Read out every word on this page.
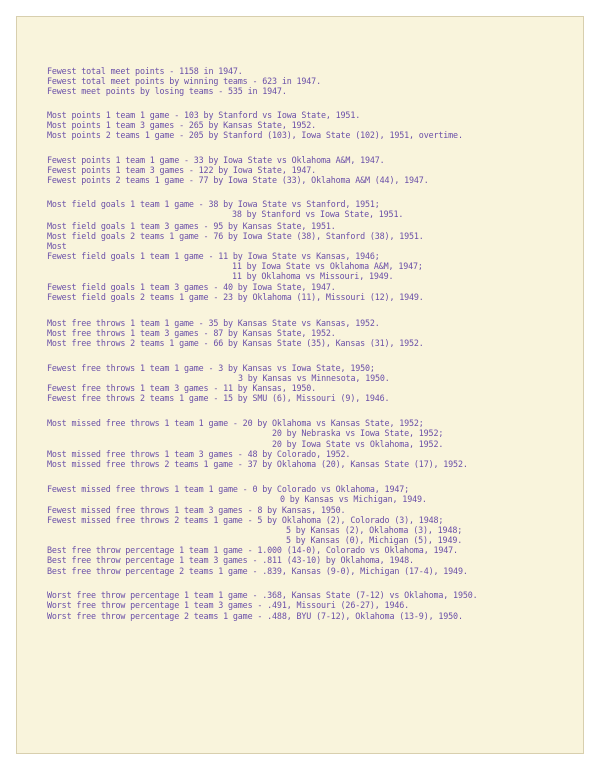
Fewest total meet points - 1158 in 1947.
Fewest total meet points by winning teams - 623 in 1947.
Fewest meet points by losing teams - 535 in 1947.
Most points 1 team 1 game - 103 by Stanford vs Iowa State, 1951.
Most points 1 team 3 games - 265 by Kansas State, 1952.
Most points 2 teams 1 game - 205 by Stanford (103), Iowa State (102), 1951, overtime.
Fewest points 1 team 1 game - 33 by Iowa State vs Oklahoma A&M, 1947.
Fewest points 1 team 3 games - 122 by Iowa State, 1947.
Fewest points 2 teams 1 game - 77 by Iowa State (33), Oklahoma A&M (44), 1947.
Most field goals 1 team 1 game - 38 by Iowa State vs Stanford, 1951;
38 by Stanford vs Iowa State, 1951.
Most field goals 1 team 3 games - 95 by Kansas State, 1951.
Most field goals 2 teams 1 game - 76 by Iowa State (38), Stanford (38), 1951.
Most
Fewest field goals 1 team 1 game - 11 by Iowa State vs Kansas, 1946;
11 by Iowa State vs Oklahoma A&M, 1947;
11 by Oklahoma vs Missouri, 1949.
Fewest field goals 1 team 3 games - 40 by Iowa State, 1947.
Fewest field goals 2 teams 1 game - 23 by Oklahoma (11), Missouri (12), 1949.
Most free throws 1 team 1 game - 35 by Kansas State vs Kansas, 1952.
Most free throws 1 team 3 games - 87 by Kansas State, 1952.
Most free throws 2 teams 1 game - 66 by Kansas State (35), Kansas (31), 1952.
Fewest free throws 1 team 1 game - 3 by Kansas vs Iowa State, 1950;
3 by Kansas vs Minnesota, 1950.
Fewest free throws 1 team 3 games - 11 by Kansas, 1950.
Fewest free throws 2 teams 1 game - 15 by SMU (6), Missouri (9), 1946.
Most missed free throws 1 team 1 game - 20 by Oklahoma vs Kansas State, 1952;
20 by Nebraska vs Iowa State, 1952;
20 by Iowa State vs Oklahoma, 1952.
Most missed free throws 1 team 3 games - 48 by Colorado, 1952.
Most missed free throws 2 teams 1 game - 37 by Oklahoma (20), Kansas State (17), 1952.
Fewest missed free throws 1 team 1 game - 0 by Colorado vs Oklahoma, 1947;
0 by Kansas vs Michigan, 1949.
Fewest missed free throws 1 team 3 games - 8 by Kansas, 1950.
Fewest missed free throws 2 teams 1 game - 5 by Oklahoma (2), Colorado (3), 1948;
5 by Kansas (2), Oklahoma (3), 1948;
5 by Kansas (0), Michigan (5), 1949.
Best free throw percentage 1 team 1 game - 1.000 (14-0), Colorado vs Oklahoma, 1947.
Best free throw percentage 1 team 3 games - .811 (43-10) by Oklahoma, 1948.
Best free throw percentage 2 teams 1 game - .839, Kansas (9-0), Michigan (17-4), 1949.
Worst free throw percentage 1 team 1 game - .368, Kansas State (7-12) vs Oklahoma, 1950.
Worst free throw percentage 1 team 3 games - .491, Missouri (26-27), 1946.
Worst free throw percentage 2 teams 1 game - .488, BYU (7-12), Oklahoma (13-9), 1950.
